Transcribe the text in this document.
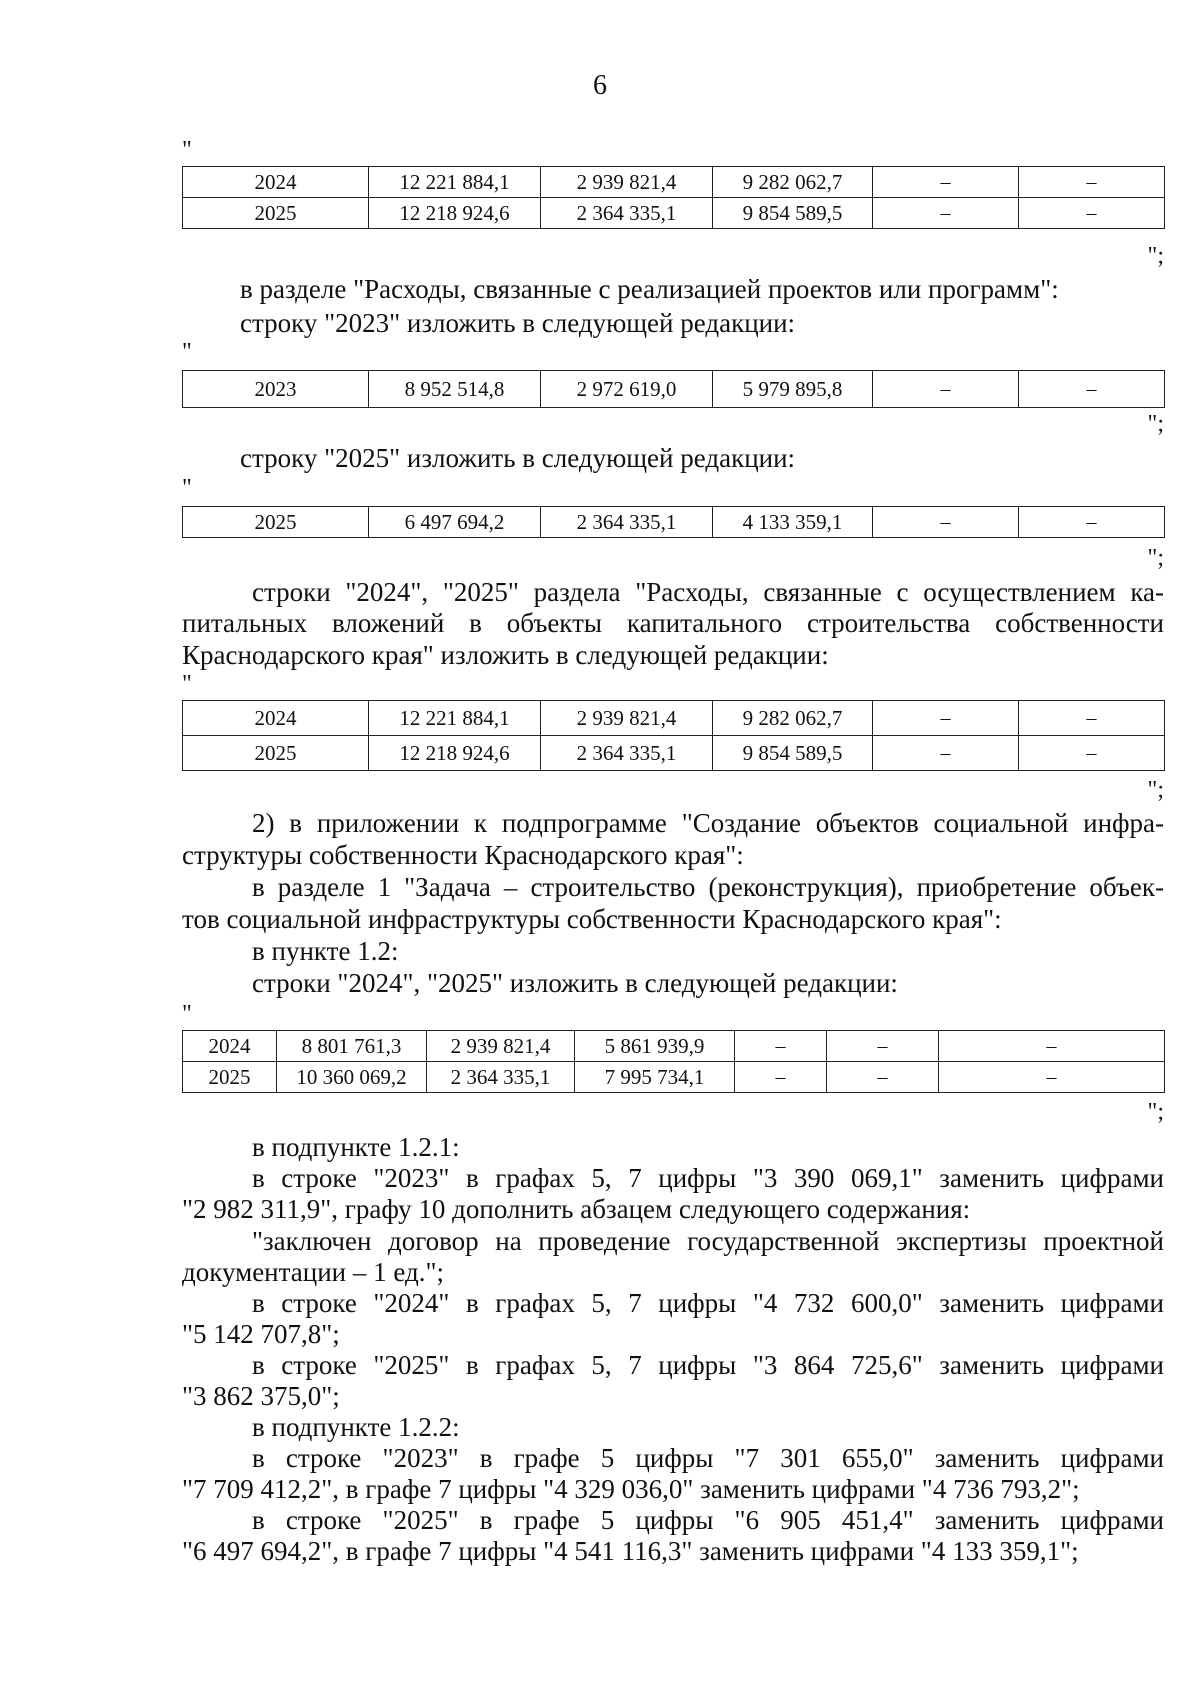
6
"
2024	12 221 884,1	2 939 821,4	9 282 062,7	–	–
2025	12 218 924,6	2 364 335,1	9 854 589,5	–	–
";
в разделе "Расходы, связанные с реализацией проектов или программ":
строку "2023" изложить в следующей редакции:
"
2023	8 952 514,8	2 972 619,0	5 979 895,8	–	–
";
строку "2025" изложить в следующей редакции:
"
2025	6 497 694,2	2 364 335,1	4 133 359,1	–	–
";
строки "2024", "2025" раздела "Расходы, связанные с осуществлением ка-
питальных вложений в объекты капитального строительства собственности
Краснодарского края" изложить в следующей редакции:
"
2024	12 221 884,1	2 939 821,4	9 282 062,7	–	–
2025	12 218 924,6	2 364 335,1	9 854 589,5	–	–
";
2) в приложении к подпрограмме "Создание объектов социальной инфра-
структуры собственности Краснодарского края":
в разделе 1 "Задача – строительство (реконструкция), приобретение объек-
тов социальной инфраструктуры собственности Краснодарского края":
в пункте 1.2:
строки "2024", "2025" изложить в следующей редакции:
"
2024	8 801 761,3	2 939 821,4	5 861 939,9	–	–	–
2025	10 360 069,2	2 364 335,1	7 995 734,1	–	–	–
";
в подпункте 1.2.1:
в строке "2023" в графах 5, 7 цифры "3 390 069,1" заменить цифрами
"2 982 311,9", графу 10 дополнить абзацем следующего содержания:
"заключен договор на проведение государственной экспертизы проектной
документации – 1 ед.";
в строке "2024" в графах 5, 7 цифры "4 732 600,0" заменить цифрами
"5 142 707,8";
в строке "2025" в графах 5, 7 цифры "3 864 725,6" заменить цифрами
"3 862 375,0";
в подпункте 1.2.2:
в строке "2023" в графе 5 цифры "7 301 655,0" заменить цифрами
"7 709 412,2", в графе 7 цифры "4 329 036,0" заменить цифрами "4 736 793,2";
в строке "2025" в графе 5 цифры "6 905 451,4" заменить цифрами
"6 497 694,2", в графе 7 цифры "4 541 116,3" заменить цифрами "4 133 359,1";
